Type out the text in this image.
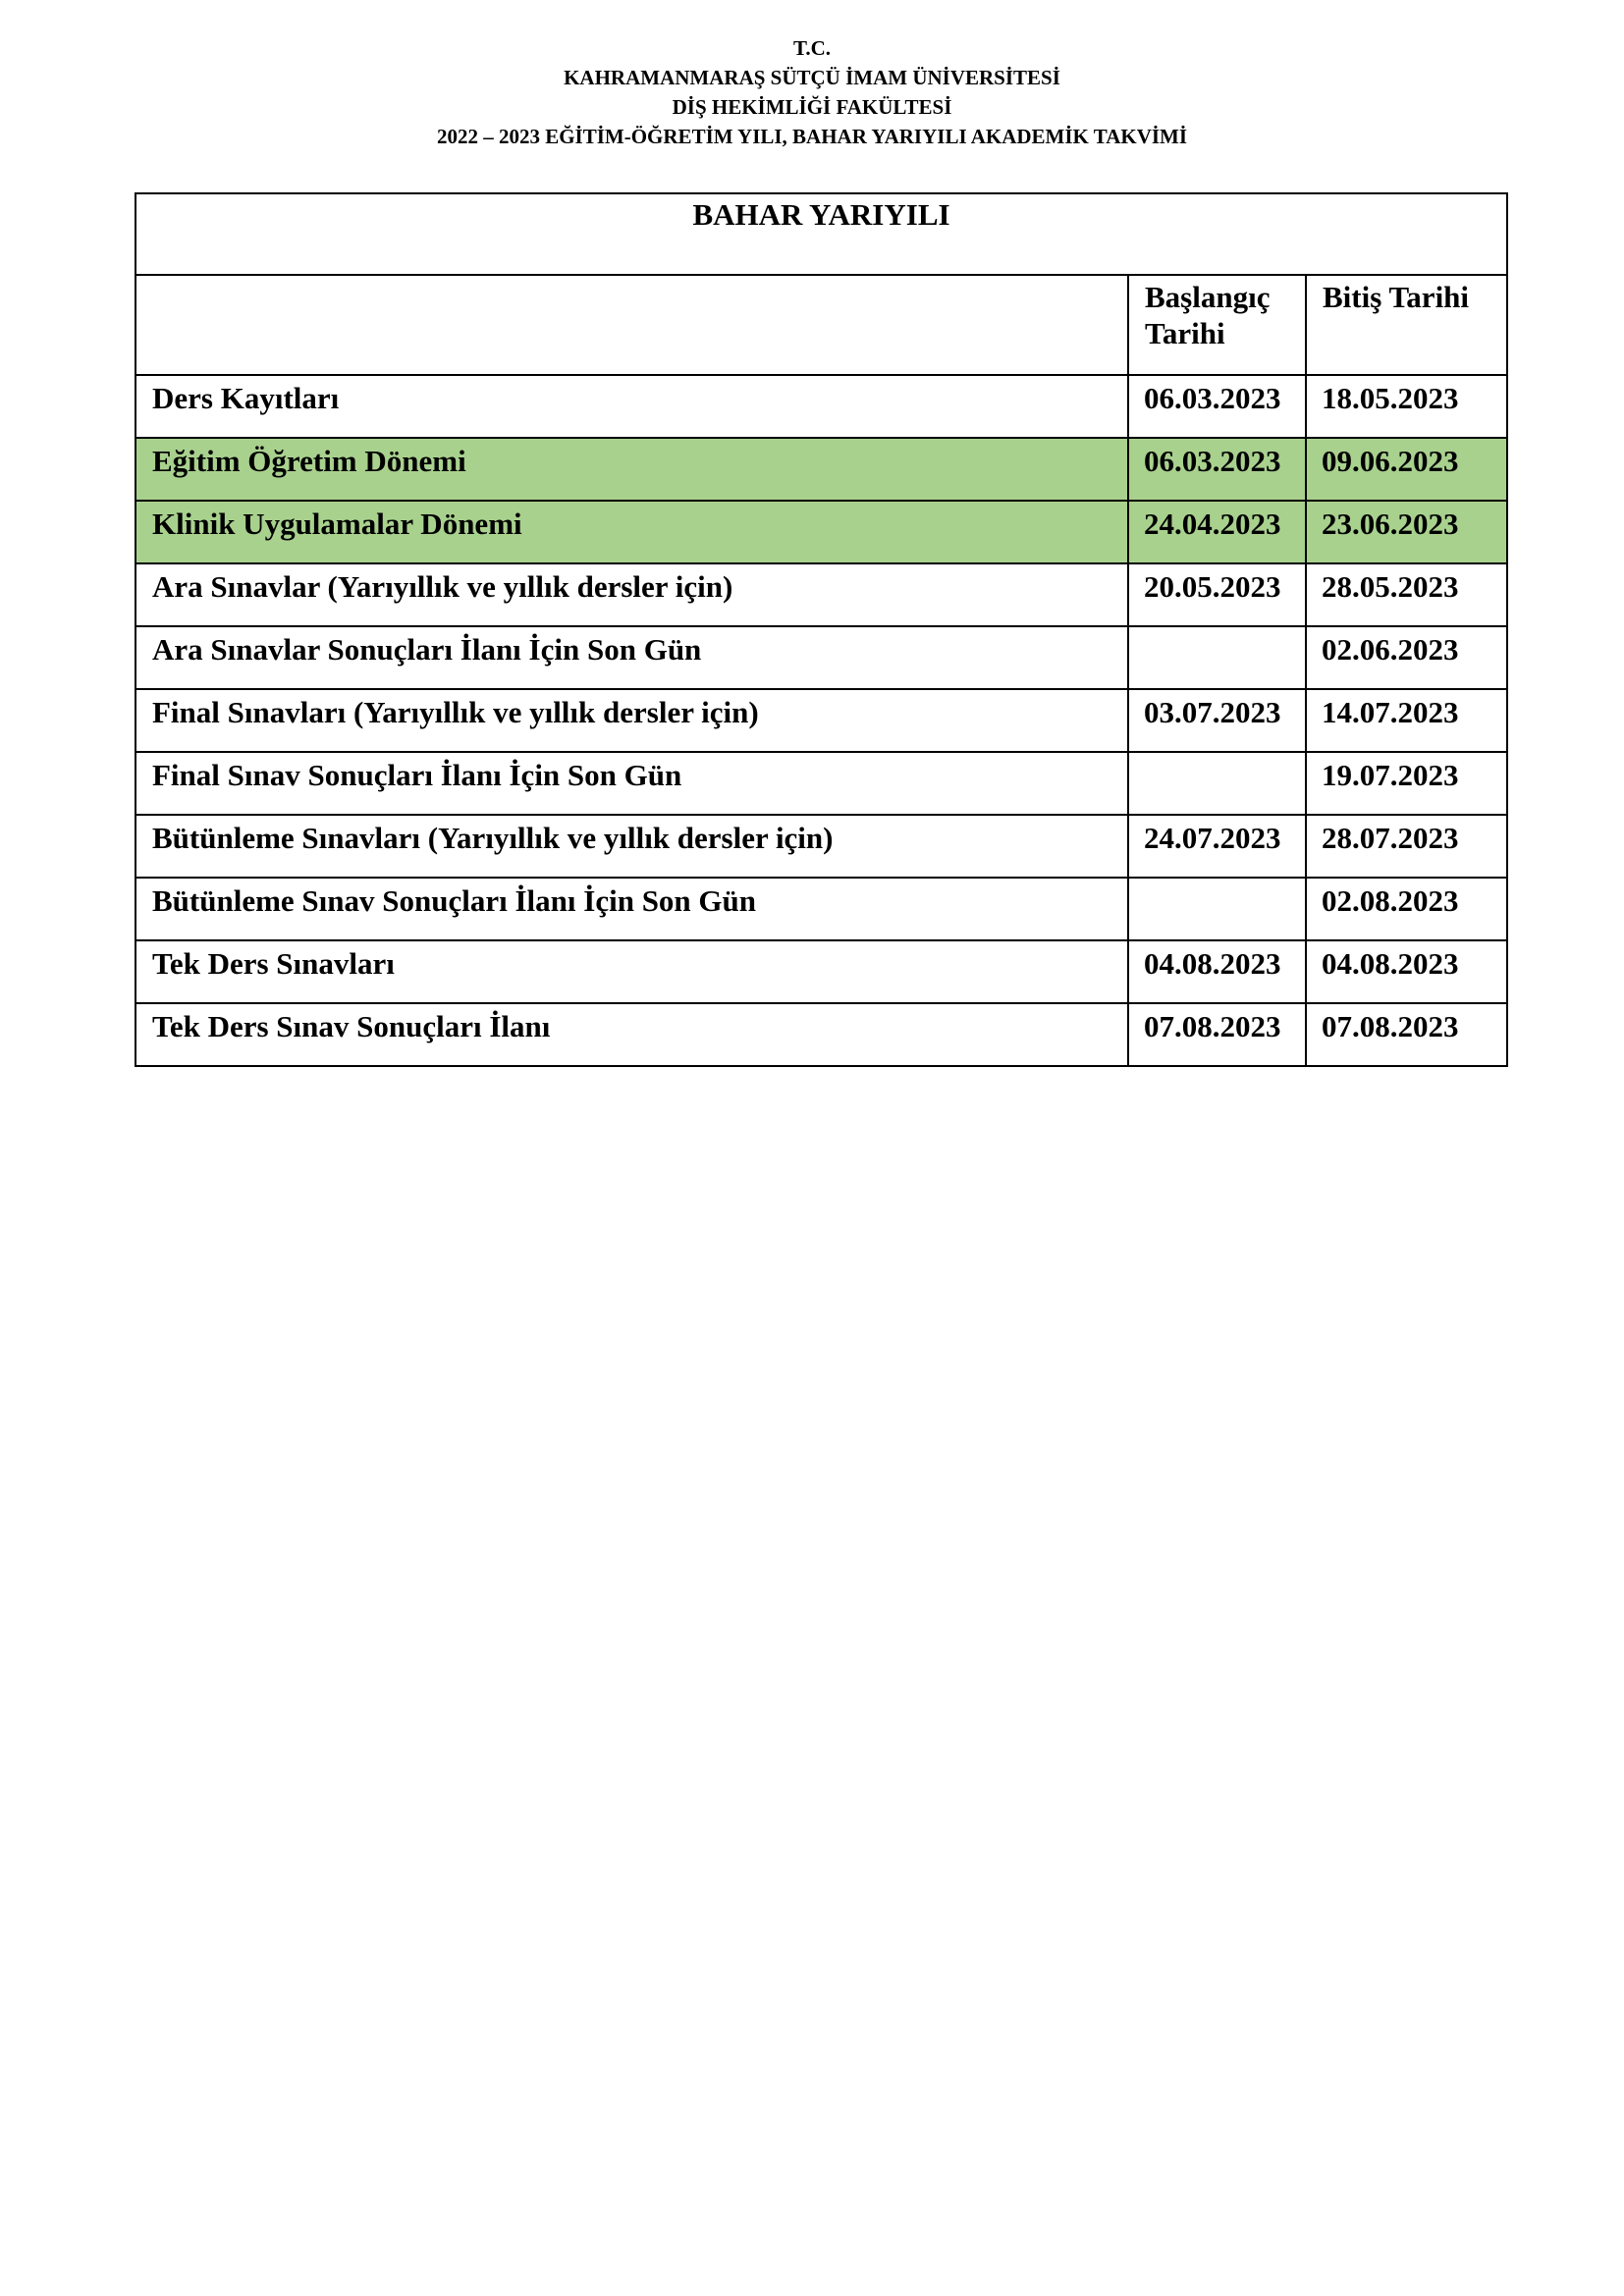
T.C.
KAHRAMANMARAŞ SÜTÇÜ İMAM ÜNİVERSİTESİ
DİŞ HEKİMLİĞİ FAKÜLTESİ
2022 – 2023 EĞİTİM-ÖĞRETİM YILI, BAHAR YARIYILI AKADEMİK TAKVİMİ
BAHAR YARIYILI		
	Başlangıç Tarihi	Bitiş Tarihi
Ders Kayıtları	06.03.2023	18.05.2023
Eğitim Öğretim Dönemi	06.03.2023	09.06.2023
Klinik Uygulamalar Dönemi	24.04.2023	23.06.2023
Ara Sınavlar (Yarıyıllık ve yıllık dersler için)	20.05.2023	28.05.2023
Ara Sınavlar Sonuçları İlanı İçin Son Gün		02.06.2023
Final Sınavları (Yarıyıllık ve yıllık dersler için)	03.07.2023	14.07.2023
Final Sınav Sonuçları İlanı İçin Son Gün		19.07.2023
Bütünleme Sınavları (Yarıyıllık ve yıllık dersler için)	24.07.2023	28.07.2023
Bütünleme Sınav Sonuçları İlanı İçin Son Gün		02.08.2023
Tek Ders Sınavları	04.08.2023	04.08.2023
Tek Ders Sınav Sonuçları İlanı	07.08.2023	07.08.2023
